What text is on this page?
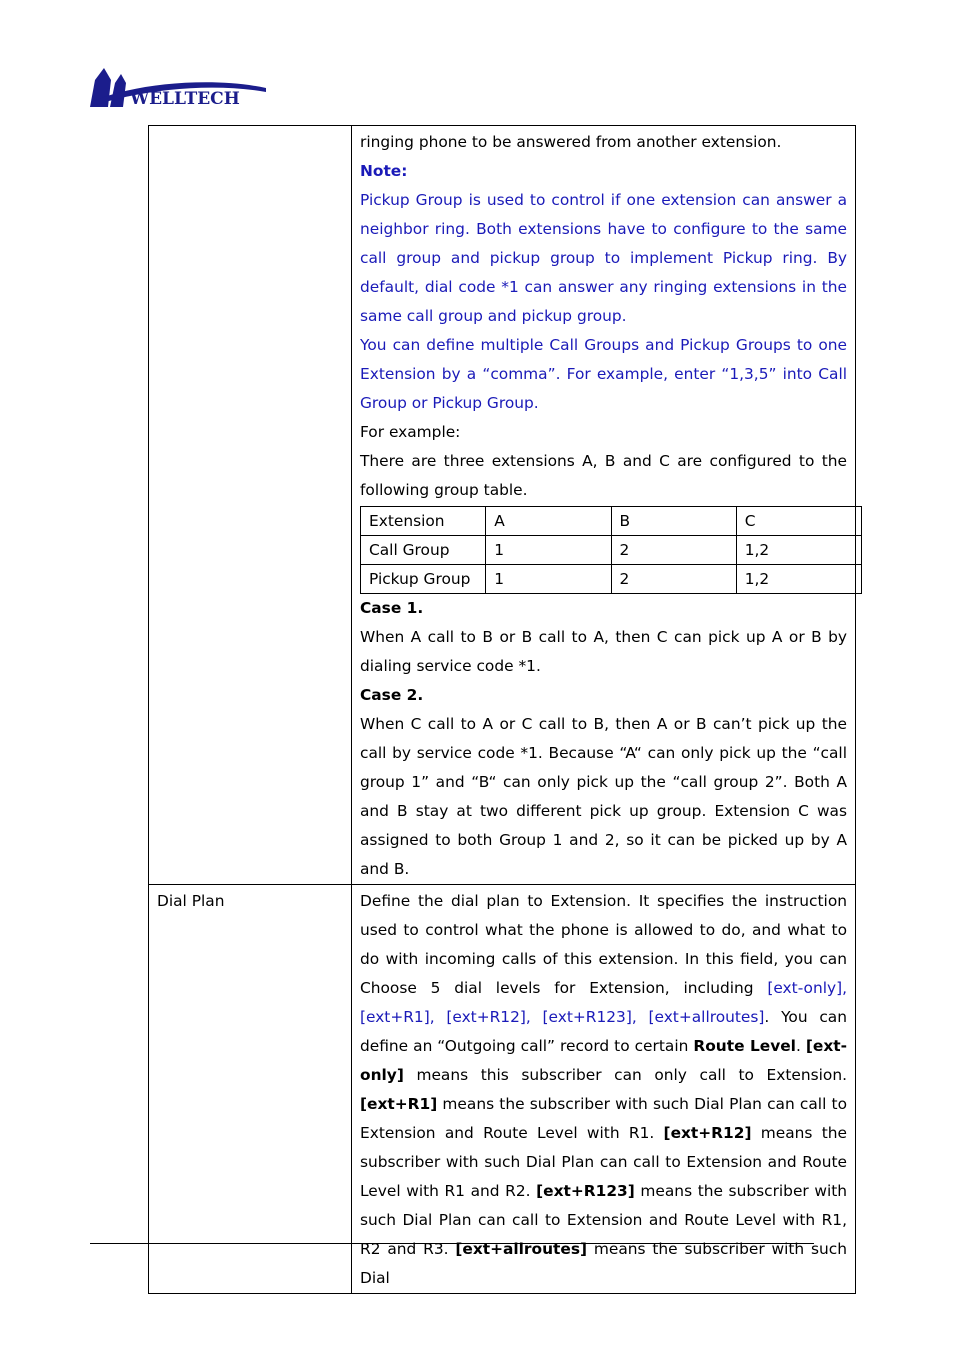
WELLTECH

ringing phone to be answered from another extension.

Note:

Pickup Group is used to control if one extension can answer a neighbor ring. Both extensions have to configure to the same call group and pickup group to implement Pickup ring. By default, dial code *1 can answer any ringing extensions in the same call group and pickup group.

You can define multiple Call Groups and Pickup Groups to one Extension by a “comma”. For example, enter “1,3,5” into Call Group or Pickup Group.

For example:

There are three extensions A, B and C are configured to the following group table.

Extension	A	B	C
Call Group	1	2	1,2
Pickup Group	1	2	1,2

Case 1.

When A call to B or B call to A, then C can pick up A or B by dialing service code *1.

Case 2.

When C call to A or C call to B, then A or B can’t pick up the call by service code *1. Because “A“ can only pick up the “call group 1” and “B“ can only pick up the “call group 2”. Both A and B stay at two different pick up group. Extension C was assigned to both Group 1 and 2, so it can be picked up by A and B.

Dial Plan	Define the dial plan to Extension. It specifies the instruction used to control what the phone is allowed to do, and what to do with incoming calls of this extension. In this field, you can Choose 5 dial levels for Extension, including [ext-only], [ext+R1], [ext+R12], [ext+R123], [ext+allroutes]. You can define an “Outgoing call” record to certain Route Level. [ext-only] means this subscriber can only call to Extension. [ext+R1] means the subscriber with such Dial Plan can call to Extension and Route Level with R1. [ext+R12] means the subscriber with such Dial Plan can call to Extension and Route Level with R1 and R2. [ext+R123] means the subscriber with such Dial Plan can call to Extension and Route Level with R1, R2 and R3. [ext+allroutes] means the subscriber with such Dial
